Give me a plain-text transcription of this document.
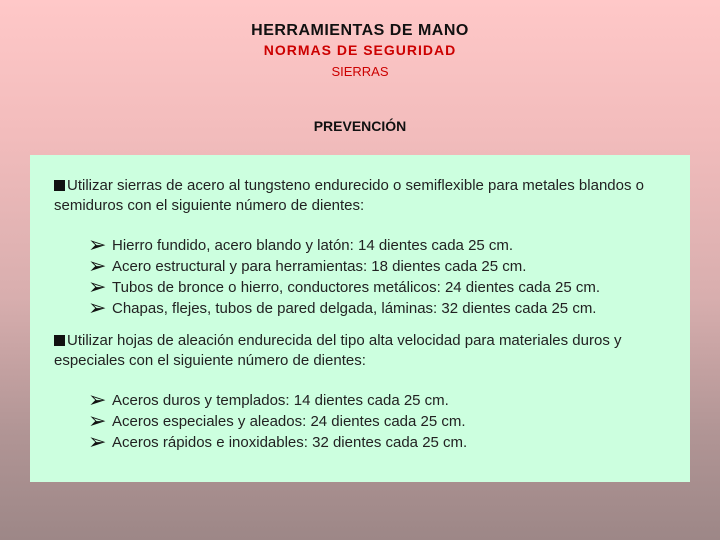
HERRAMIENTAS DE MANO
NORMAS DE SEGURIDAD
SIERRAS
PREVENCIÓN

Utilizar sierras de acero al tungsteno endurecido o semiflexible para metales blandos o semiduros con el siguiente número de dientes:

➢ Hierro fundido, acero blando y latón: 14 dientes cada 25 cm.
➢ Acero estructural y para herramientas: 18 dientes cada 25 cm.
➢ Tubos de bronce o hierro, conductores metálicos: 24 dientes cada 25 cm.
➢ Chapas, flejes, tubos de pared delgada, láminas: 32 dientes cada 25 cm.

Utilizar hojas de aleación endurecida del tipo alta velocidad para materiales duros y especiales con el siguiente número de dientes:

➢ Aceros duros y templados: 14 dientes cada 25 cm.
➢ Aceros especiales y aleados: 24 dientes cada 25 cm.
➢ Aceros rápidos e inoxidables: 32 dientes cada 25 cm.
